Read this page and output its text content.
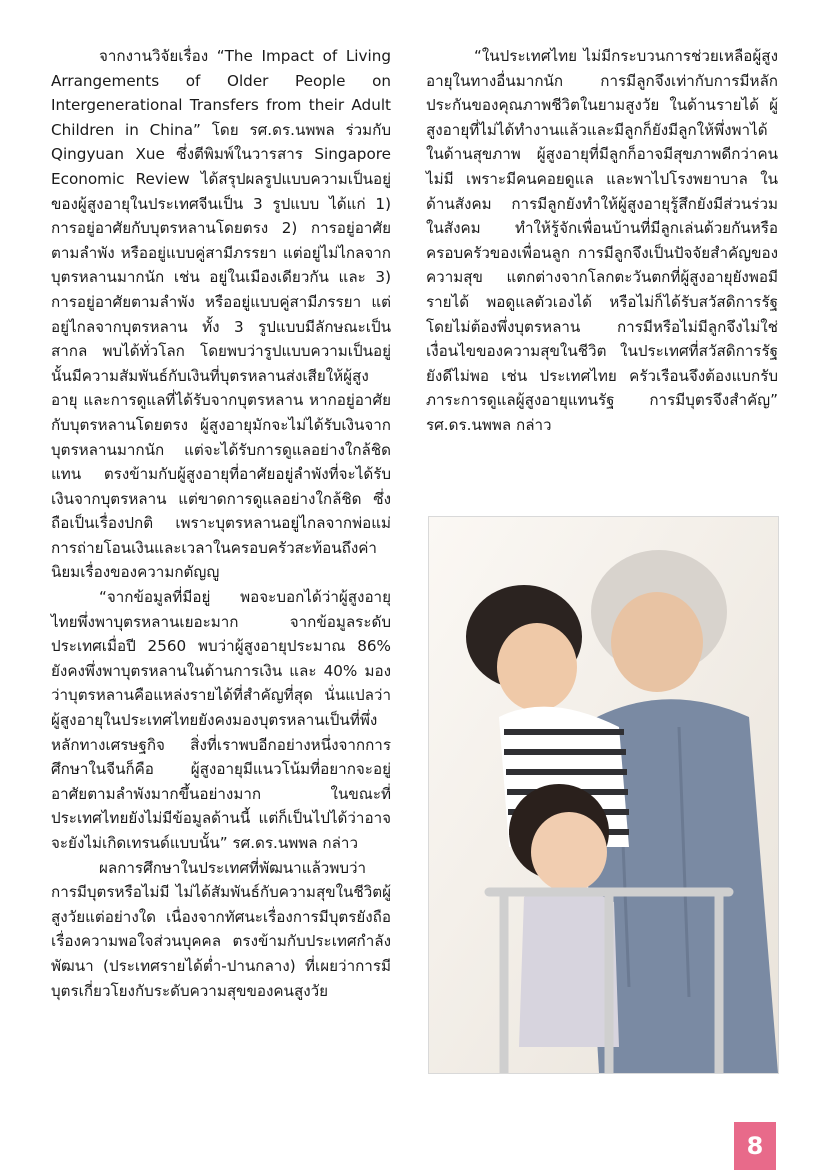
จากงานวิจัยเรื่อง “The Impact of Living Arrangements of Older People on Intergenerational Transfers from their Adult Children in China” โดย รศ.ดร.นพพล ร่วมกับ Qingyuan Xue ซึ่งตีพิมพ์ในวารสาร Singapore Economic Review ได้สรุปผลรูปแบบความเป็นอยู่ของผู้สูงอายุในประเทศจีนเป็น 3 รูปแบบ ได้แก่ 1) การอยู่อาศัยกับบุตรหลานโดยตรง 2) การอยู่อาศัยตามลำพัง หรืออยู่แบบคู่สามีภรรยา แต่อยู่ไม่ไกลจากบุตรหลานมากนัก เช่น อยู่ในเมืองเดียวกัน และ 3) การอยู่อาศัยตามลำพัง หรืออยู่แบบคู่สามีภรรยา แต่อยู่ไกลจากบุตรหลาน ทั้ง 3 รูปแบบมีลักษณะเป็นสากล พบได้ทั่วโลก โดยพบว่ารูปแบบความเป็นอยู่นั้นมีความสัมพันธ์กับเงินที่บุตรหลานส่งเสียให้ผู้สูงอายุ และการดูแลที่ได้รับจากบุตรหลาน หากอยู่อาศัยกับบุตรหลานโดยตรง ผู้สูงอายุมักจะไม่ได้รับเงินจากบุตรหลานมากนัก แต่จะได้รับการดูแลอย่างใกล้ชิดแทน ตรงข้ามกับผู้สูงอายุที่อาศัยอยู่ลำพังที่จะได้รับเงินจากบุตรหลาน แต่ขาดการดูแลอย่างใกล้ชิด ซึ่งถือเป็นเรื่องปกติ เพราะบุตรหลานอยู่ไกลจากพ่อแม่ การถ่ายโอนเงินและเวลาในครอบครัวสะท้อนถึงค่านิยมเรื่องของความกตัญญู

“จากข้อมูลที่มีอยู่ พอจะบอกได้ว่าผู้สูงอายุไทยพึ่งพาบุตรหลานเยอะมาก จากข้อมูลระดับประเทศเมื่อปี 2560 พบว่าผู้สูงอายุประมาณ 86% ยังคงพึ่งพาบุตรหลานในด้านการเงิน และ 40% มองว่าบุตรหลานคือแหล่งรายได้ที่สำคัญที่สุด นั่นแปลว่าผู้สูงอายุในประเทศไทยยังคงมองบุตรหลานเป็นที่พึ่งหลักทางเศรษฐกิจ สิ่งที่เราพบอีกอย่างหนึ่งจากการศึกษาในจีนก็คือ ผู้สูงอายุมีแนวโน้มที่อยากจะอยู่อาศัยตามลำพังมากขึ้นอย่างมาก ในขณะที่ประเทศไทยยังไม่มีข้อมูลด้านนี้ แต่ก็เป็นไปได้ว่าอาจจะยังไม่เกิดเทรนด์แบบนั้น” รศ.ดร.นพพล กล่าว

ผลการศึกษาในประเทศที่พัฒนาแล้วพบว่า การมีบุตรหรือไม่มี ไม่ได้สัมพันธ์กับความสุขในชีวิตผู้สูงวัยแต่อย่างใด เนื่องจากทัศนะเรื่องการมีบุตรยังถือเรื่องความพอใจส่วนบุคคล ตรงข้ามกับประเทศกำลังพัฒนา (ประเทศรายได้ต่ำ-ปานกลาง) ที่เผยว่าการมีบุตรเกี่ยวโยงกับระดับความสุขของคนสูงวัย

“ในประเทศไทย ไม่มีกระบวนการช่วยเหลือผู้สูงอายุในทางอื่นมากนัก การมีลูกจึงเท่ากับการมีหลักประกันของคุณภาพชีวิตในยามสูงวัย ในด้านรายได้ ผู้สูงอายุที่ไม่ได้ทำงานแล้วและมีลูกก็ยังมีลูกให้พึ่งพาได้ ในด้านสุขภาพ ผู้สูงอายุที่มีลูกก็อาจมีสุขภาพดีกว่าคนไม่มี เพราะมีคนคอยดูแล และพาไปโรงพยาบาล ในด้านสังคม การมีลูกยังทำให้ผู้สูงอายุรู้สึกยังมีส่วนร่วมในสังคม ทำให้รู้จักเพื่อนบ้านที่มีลูกเล่นด้วยกันหรือครอบครัวของเพื่อนลูก การมีลูกจึงเป็นปัจจัยสำคัญของความสุข แตกต่างจากโลกตะวันตกที่ผู้สูงอายุยังพอมีรายได้ พอดูแลตัวเองได้ หรือไม่ก็ได้รับสวัสดิการรัฐโดยไม่ต้องพึ่งบุตรหลาน การมีหรือไม่มีลูกจึงไม่ใช่เงื่อนไขของความสุขในชีวิต ในประเทศที่สวัสดิการรัฐยังดีไม่พอ เช่น ประเทศไทย ครัวเรือนจึงต้องแบกรับภาระการดูแลผู้สูงอายุแทนรัฐ การมีบุตรจึงสำคัญ” รศ.ดร.นพพล กล่าว

8
